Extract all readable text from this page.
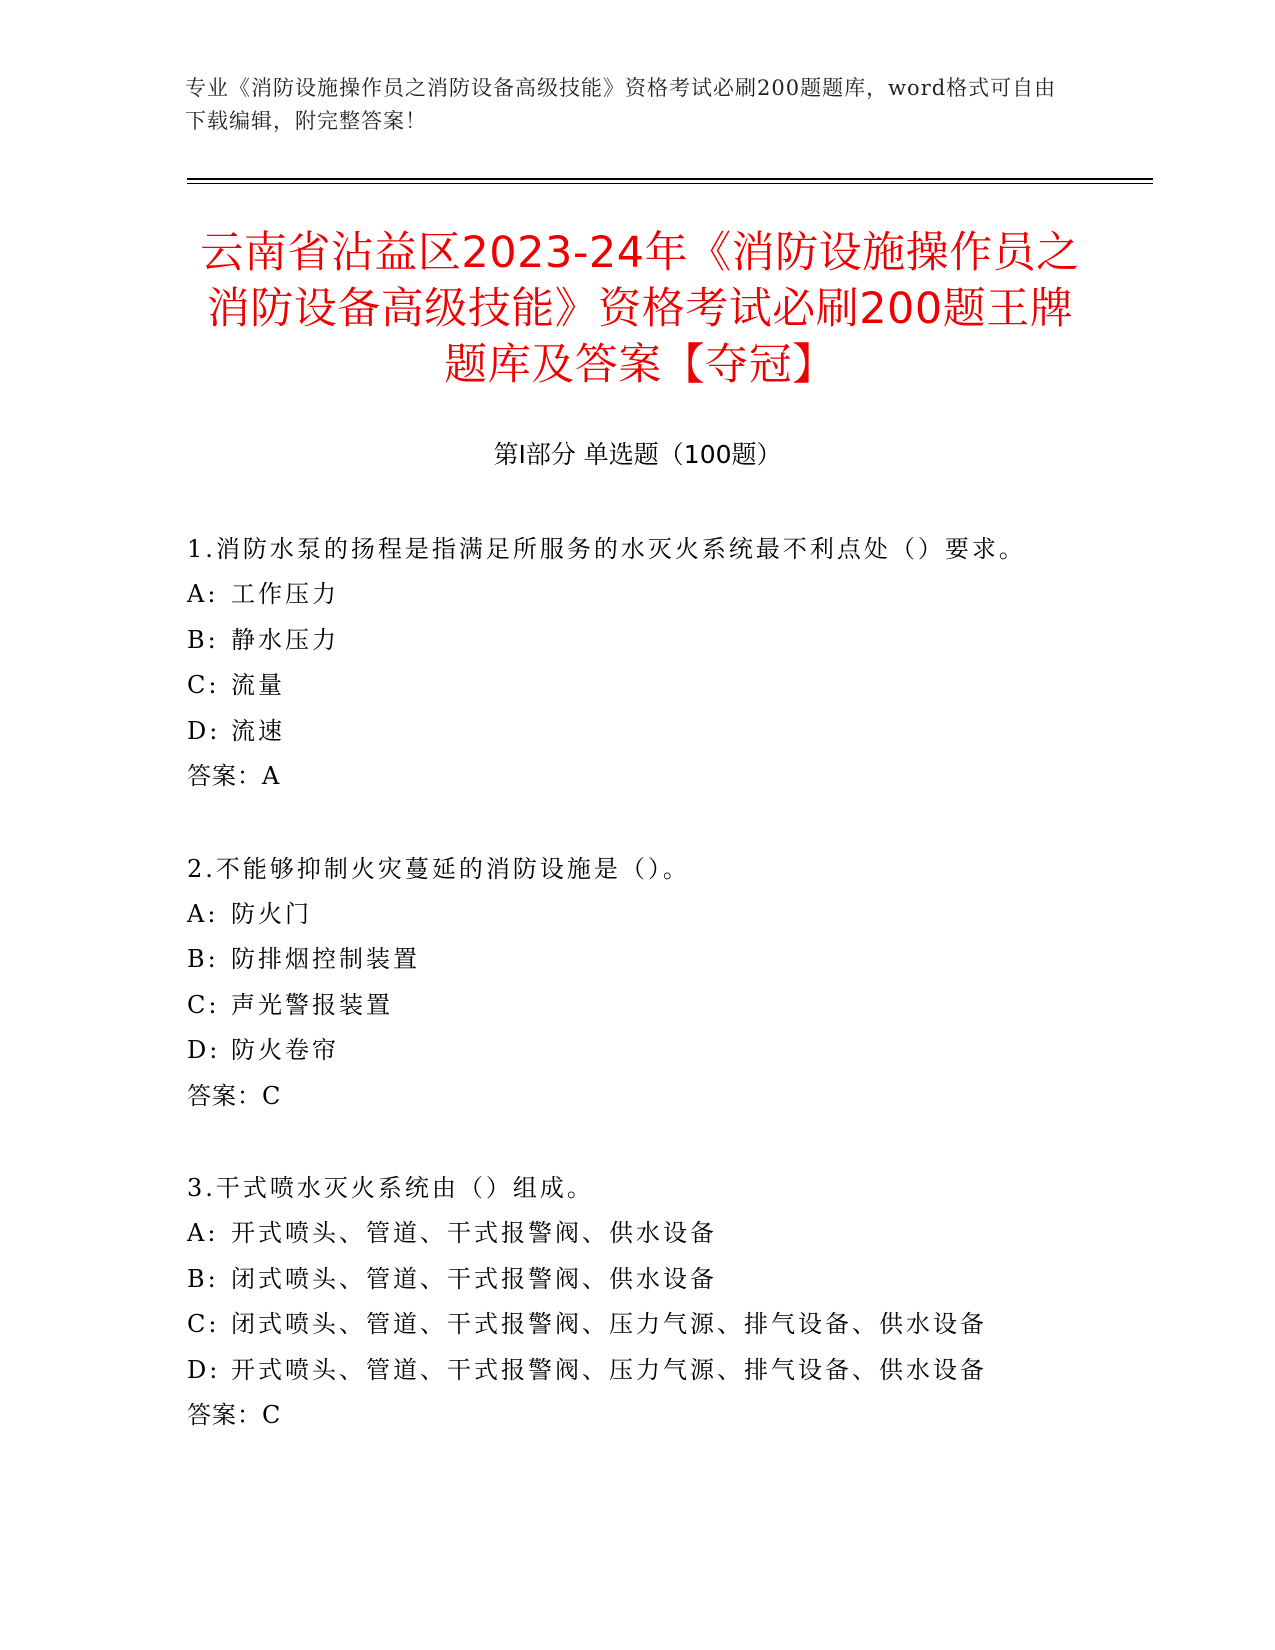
专业《消防设施操作员之消防设备高级技能》资格考试必刷200题题库，word格式可自由下载编辑，附完整答案！
云南省沾益区2023-24年《消防设施操作员之消防设备高级技能》资格考试必刷200题王牌题库及答案【夺冠】
第I部分 单选题（100题）

1.消防水泵的扬程是指满足所服务的水灭火系统最不利点处（）要求。

A: 工作压力

B: 静水压力

C: 流量

D: 流速

答案：A

2.不能够抑制火灾蔓延的消防设施是（）。

A: 防火门

B: 防排烟控制装置

C: 声光警报装置

D: 防火卷帘

答案：C

3.干式喷水灭火系统由（）组成。

A: 开式喷头、管道、干式报警阀、供水设备

B: 闭式喷头、管道、干式报警阀、供水设备

C: 闭式喷头、管道、干式报警阀、压力气源、排气设备、供水设备

D: 开式喷头、管道、干式报警阀、压力气源、排气设备、供水设备

答案：C
